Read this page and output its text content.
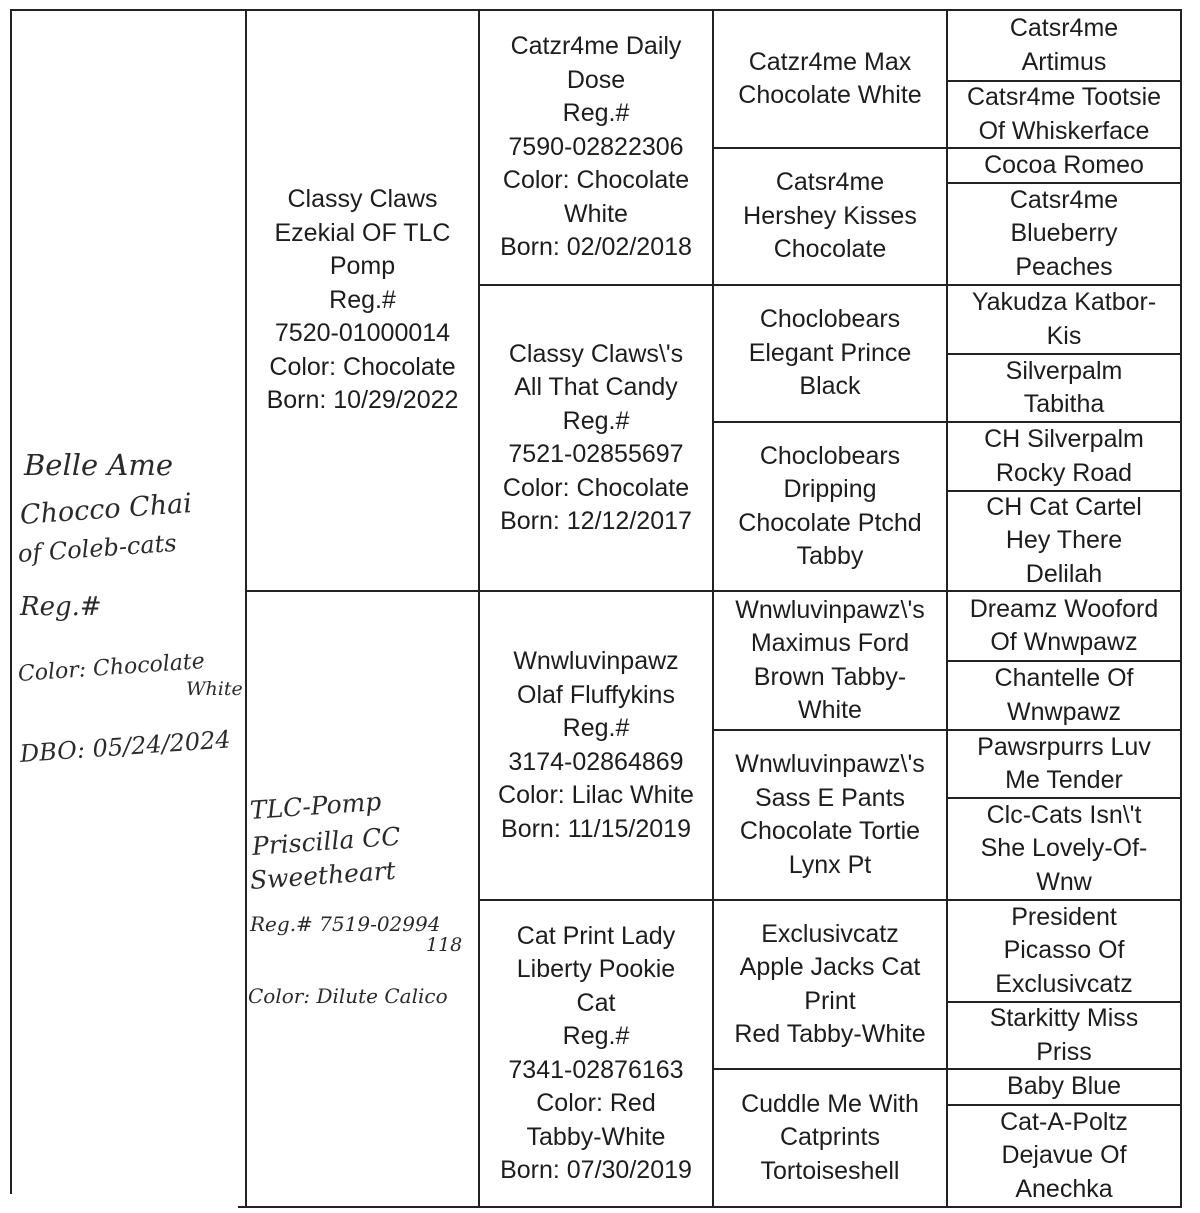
Belle Ame
Chocco Chai
of Coleb-cats
Reg.#
Color: Chocolate
White
DBO: 05/24/2024
TLC-Pomp
Priscilla CC
Sweetheart
Reg.# 7519-02994
118
Color: Dilute Calico
Classy Claws
Ezekial OF TLC
Pomp
Reg.#
7520-01000014
Color: Chocolate
Born: 10/29/2022
Catzr4me Daily
Dose
Reg.#
7590-02822306
Color: Chocolate
White
Born: 02/02/2018
Classy Claws\'s
All That Candy
Reg.#
7521-02855697
Color: Chocolate
Born: 12/12/2017
Wnwluvinpawz
Olaf Fluffykins
Reg.#
3174-02864869
Color: Lilac White
Born: 11/15/2019
Cat Print Lady
Liberty Pookie
Cat
Reg.#
7341-02876163
Color: Red
Tabby-White
Born: 07/30/2019
Catzr4me Max
Chocolate White
Catsr4me
Hershey Kisses
Chocolate
Choclobears
Elegant Prince
Black
Choclobears
Dripping
Chocolate Ptchd
Tabby
Wnwluvinpawz\'s
Maximus Ford
Brown Tabby-
White
Wnwluvinpawz\'s
Sass E Pants
Chocolate Tortie
Lynx Pt
Exclusivcatz
Apple Jacks Cat
Print
Red Tabby-White
Cuddle Me With
Catprints
Tortoiseshell
Catsr4me
Artimus
Catsr4me Tootsie
Of Whiskerface
Cocoa Romeo
Catsr4me
Blueberry
Peaches
Yakudza Katbor-
Kis
Silverpalm
Tabitha
CH Silverpalm
Rocky Road
CH Cat Cartel
Hey There
Delilah
Dreamz Wooford
Of Wnwpawz
Chantelle Of
Wnwpawz
Pawsrpurrs Luv
Me Tender
Clc-Cats Isn\'t
She Lovely-Of-
Wnw
President
Picasso Of
Exclusivcatz
Starkitty Miss
Priss
Baby Blue
Cat-A-Poltz
Dejavue Of
Anechka
